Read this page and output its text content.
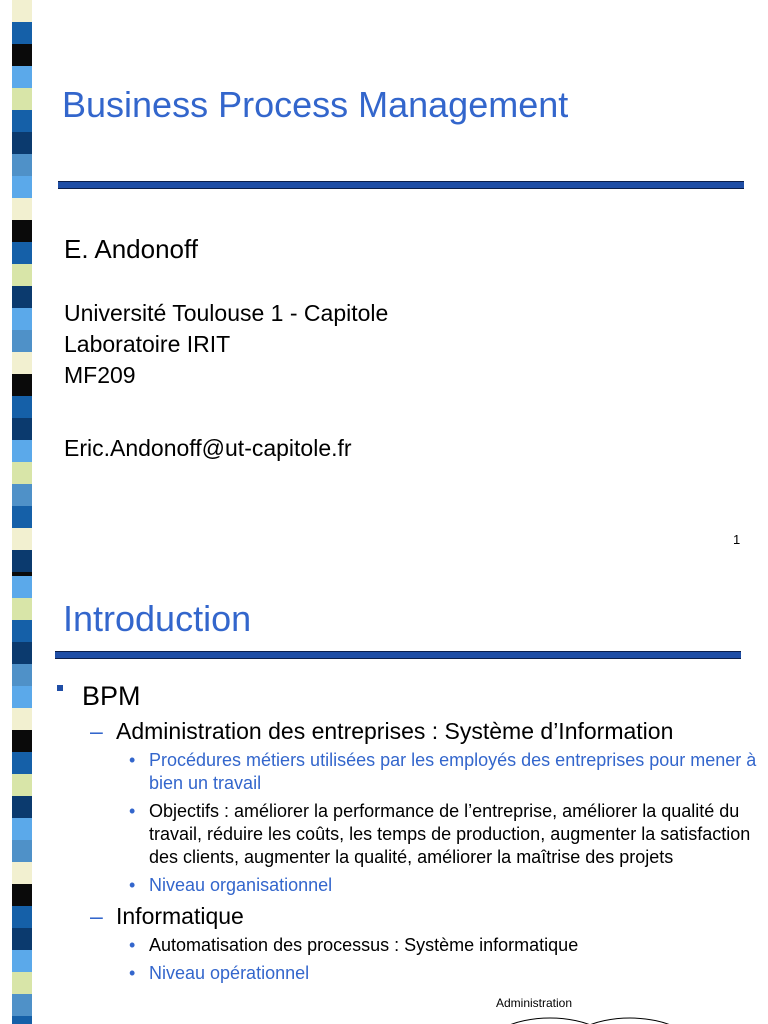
Business Process Management
E. Andonoff
Université Toulouse 1 - Capitole
Laboratoire IRIT
MF209
Eric.Andonoff@ut-capitole.fr
1
Introduction
BPM
– Administration des entreprises : Système d’Information
• Procédures métiers utilisées par les employés des entreprises pour mener à bien un travail
• Objectifs : améliorer la performance de l’entreprise, améliorer la qualité du travail, réduire les coûts, les temps de production, augmenter la satisfaction des clients, augmenter la qualité, améliorer la maîtrise des projets
• Niveau organisationnel
– Informatique
• Automatisation des processus : Système informatique
• Niveau opérationnel
Administration
